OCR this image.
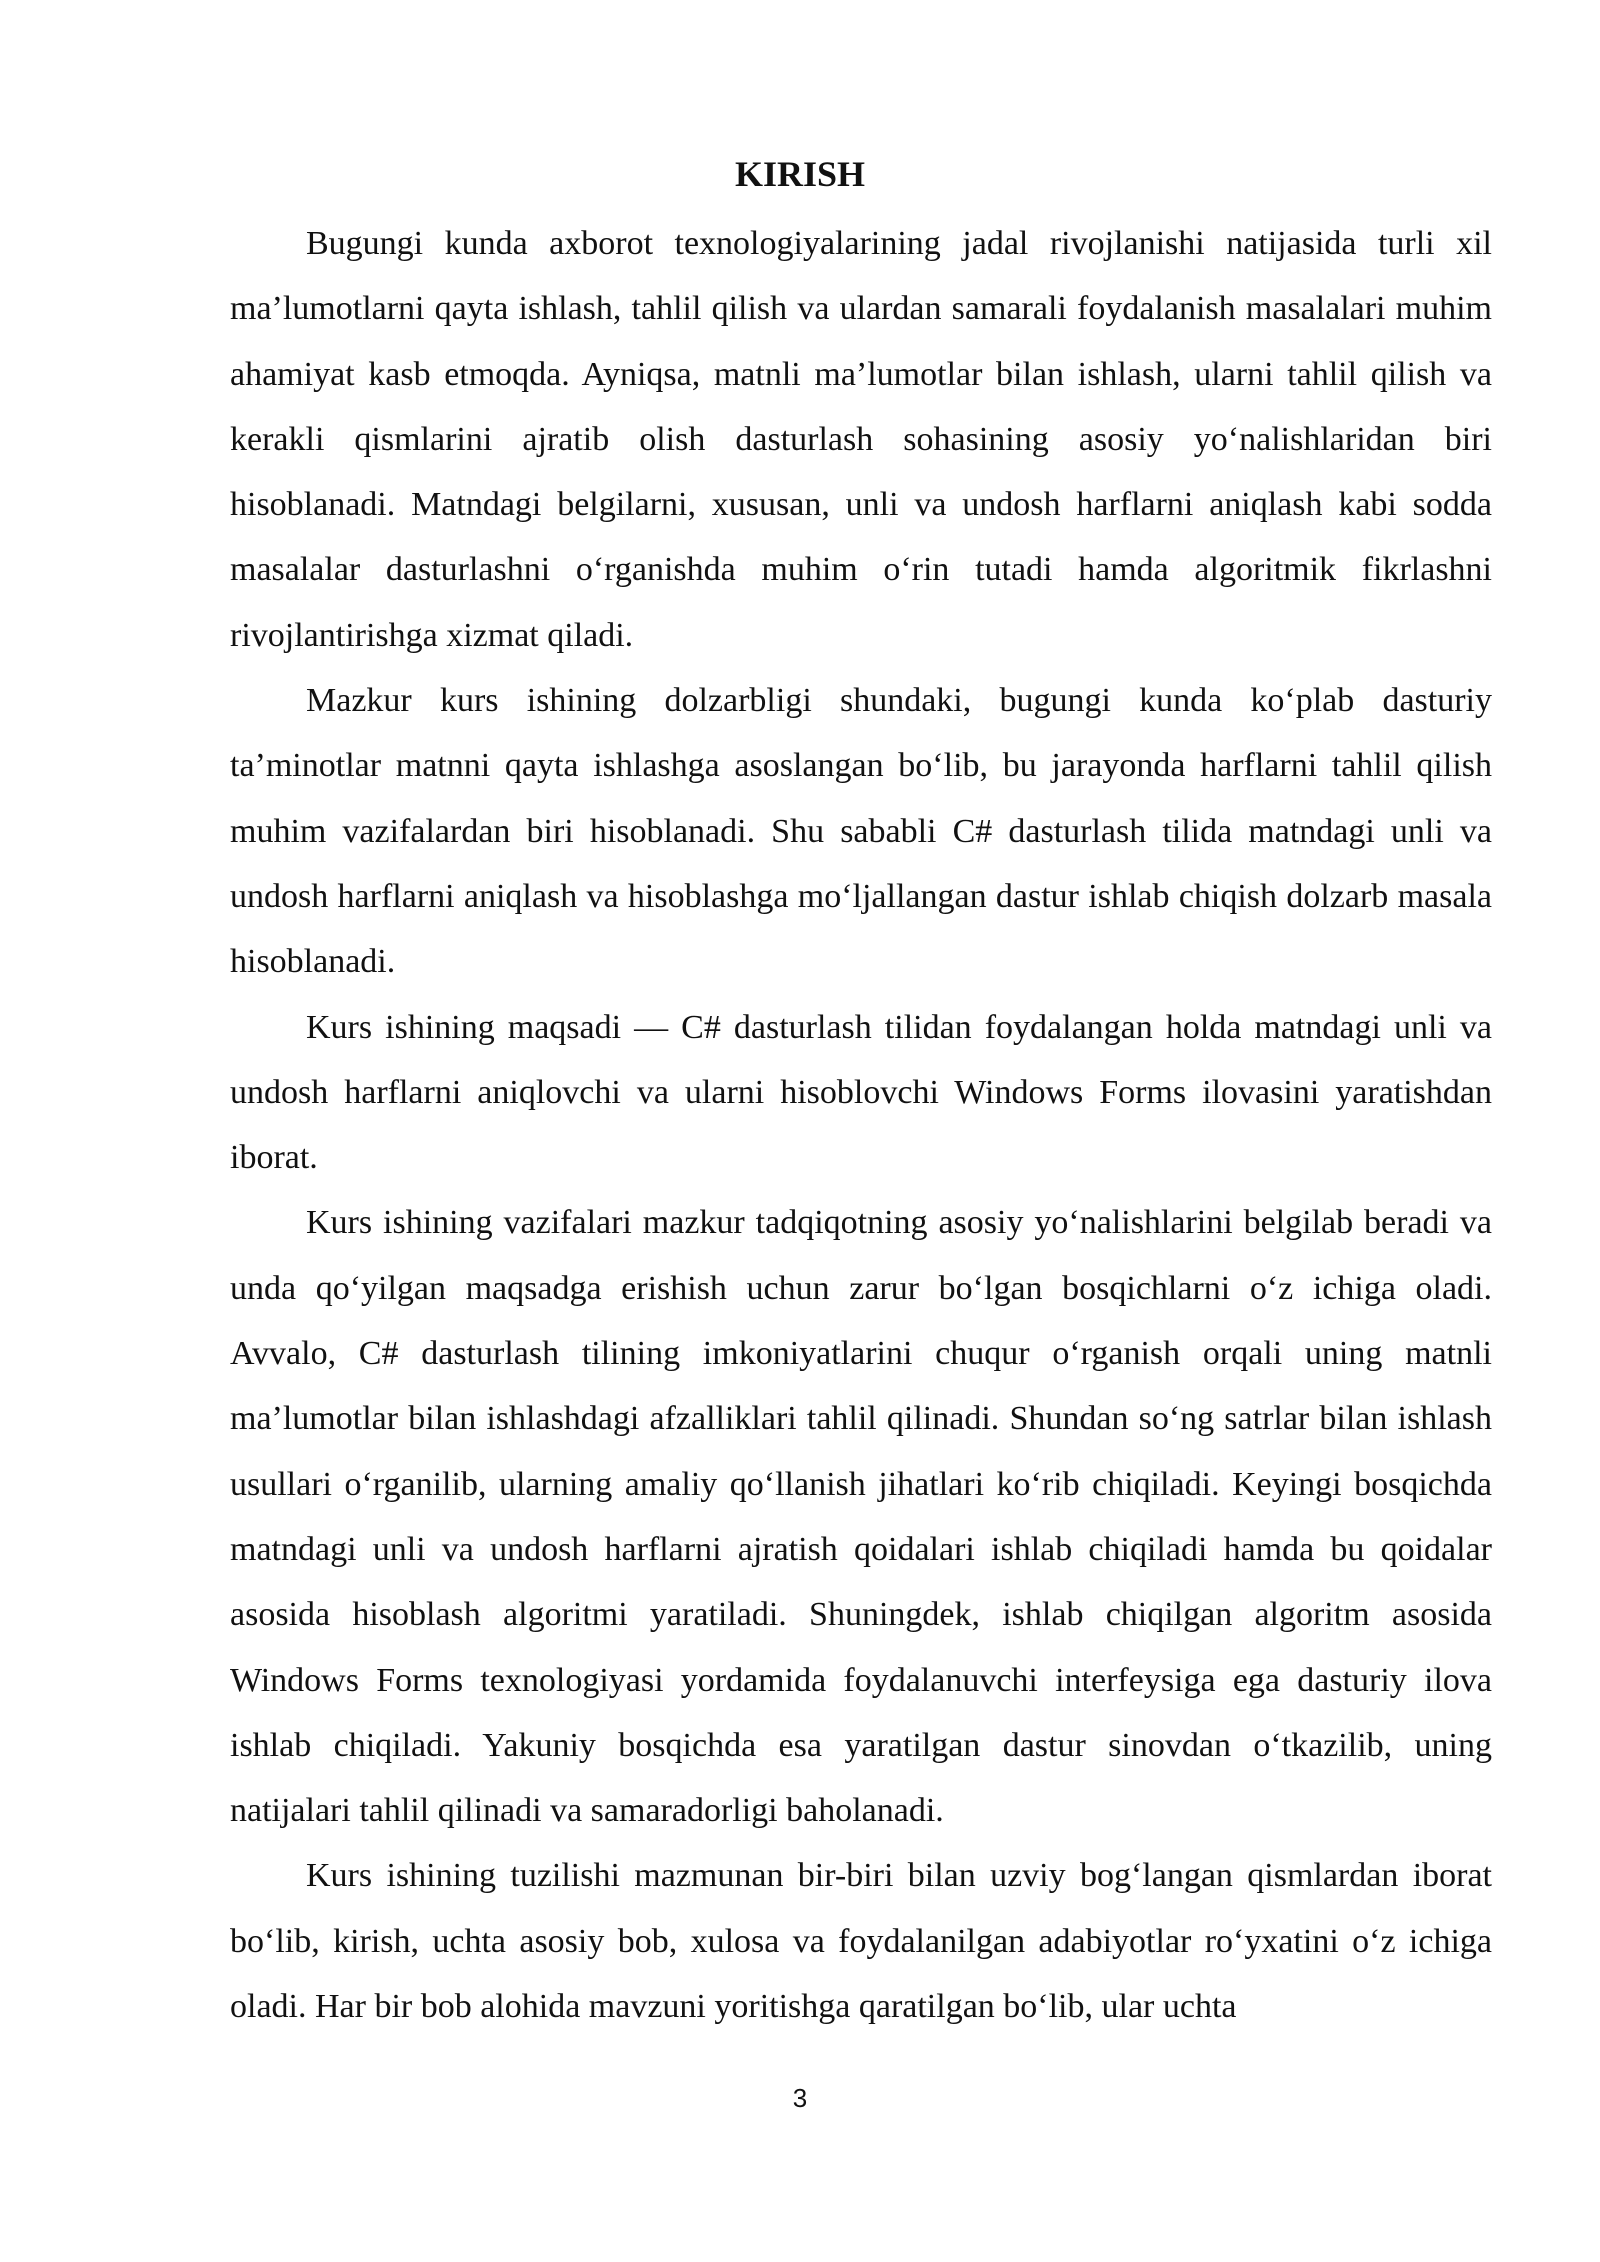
KIRISH

Bugungi kunda axborot texnologiyalarining jadal rivojlanishi natijasida turli xil ma’lumotlarni qayta ishlash, tahlil qilish va ulardan samarali foydalanish masalalari muhim ahamiyat kasb etmoqda. Ayniqsa, matnli ma’lumotlar bilan ishlash, ularni tahlil qilish va kerakli qismlarini ajratib olish dasturlash sohasining asosiy yo‘nalishlaridan biri hisoblanadi. Matndagi belgilarni, xususan, unli va undosh harflarni aniqlash kabi sodda masalalar dasturlashni o‘rganishda muhim o‘rin tutadi hamda algoritmik fikrlashni rivojlantirishga xizmat qiladi.

Mazkur kurs ishining dolzarbligi shundaki, bugungi kunda ko‘plab dasturiy ta’minotlar matnni qayta ishlashga asoslangan bo‘lib, bu jarayonda harflarni tahlil qilish muhim vazifalardan biri hisoblanadi. Shu sababli C# dasturlash tilida matndagi unli va undosh harflarni aniqlash va hisoblashga mo‘ljallangan dastur ishlab chiqish dolzarb masala hisoblanadi.

Kurs ishining maqsadi — C# dasturlash tilidan foydalangan holda matndagi unli va undosh harflarni aniqlovchi va ularni hisoblovchi Windows Forms ilovasini yaratishdan iborat.

Kurs ishining vazifalari mazkur tadqiqotning asosiy yo‘nalishlarini belgilab beradi va unda qo‘yilgan maqsadga erishish uchun zarur bo‘lgan bosqichlarni o‘z ichiga oladi. Avvalo, C# dasturlash tilining imkoniyatlarini chuqur o‘rganish orqali uning matnli ma’lumotlar bilan ishlashdagi afzalliklari tahlil qilinadi. Shundan so‘ng satrlar bilan ishlash usullari o‘rganilib, ularning amaliy qo‘llanish jihatlari ko‘rib chiqiladi. Keyingi bosqichda matndagi unli va undosh harflarni ajratish qoidalari ishlab chiqiladi hamda bu qoidalar asosida hisoblash algoritmi yaratiladi. Shuningdek, ishlab chiqilgan algoritm asosida Windows Forms texnologiyasi yordamida foydalanuvchi interfeysiga ega dasturiy ilova ishlab chiqiladi. Yakuniy bosqichda esa yaratilgan dastur sinovdan o‘tkazilib, uning natijalari tahlil qilinadi va samaradorligi baholanadi.

Kurs ishining tuzilishi mazmunan bir-biri bilan uzviy bog‘langan qismlardan iborat bo‘lib, kirish, uchta asosiy bob, xulosa va foydalanilgan adabiyotlar ro‘yxatini o‘z ichiga oladi. Har bir bob alohida mavzuni yoritishga qaratilgan bo‘lib, ular uchta

3
